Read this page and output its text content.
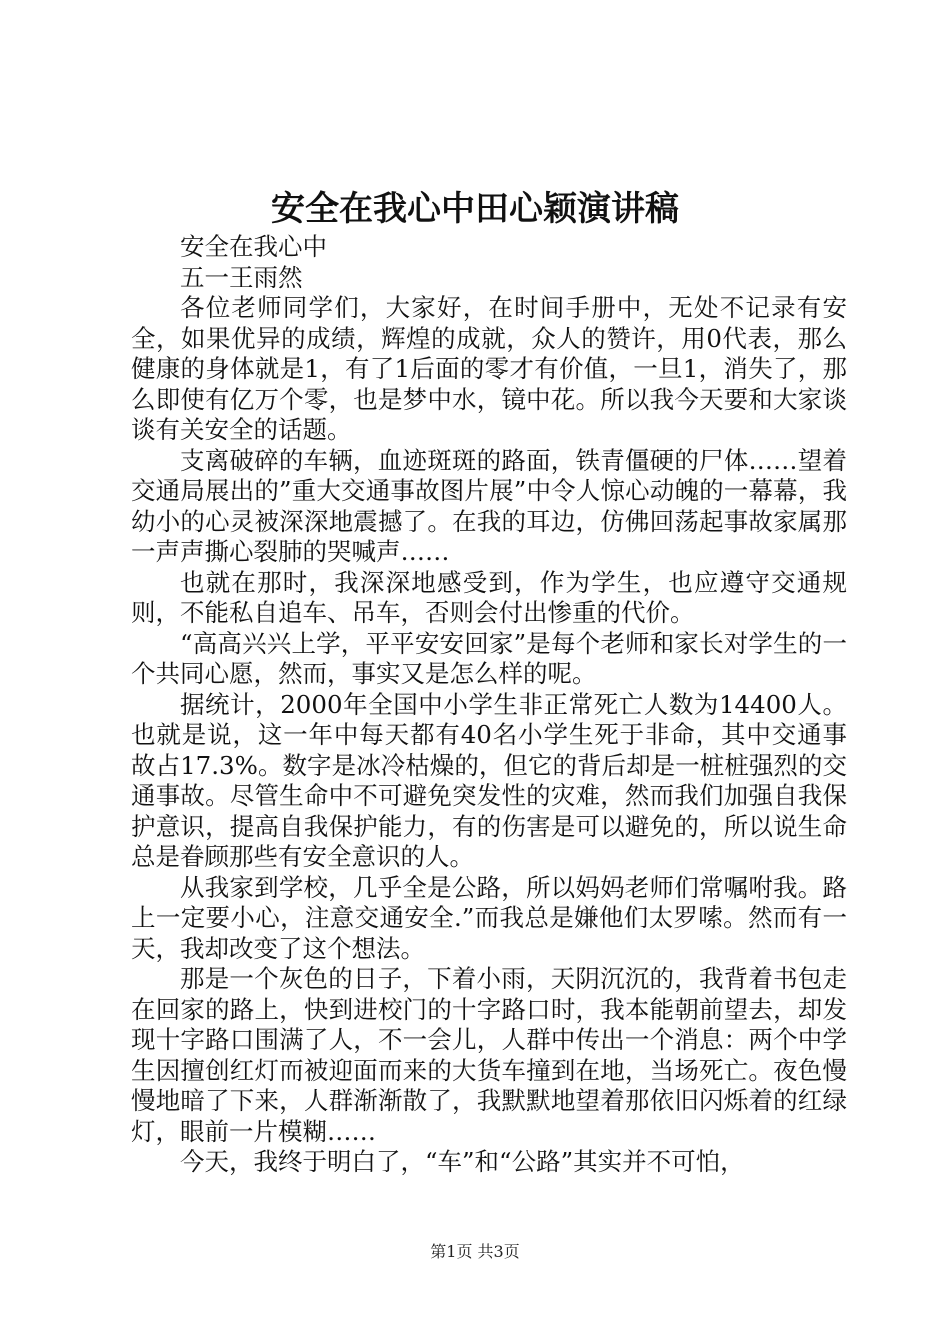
安全在我心中田心颖演讲稿

安全在我心中

五一王雨然

各位老师同学们，大家好，在时间手册中，无处不记录有安全，如果优异的成绩，辉煌的成就，众人的赞许，用0代表，那么健康的身体就是1，有了1后面的零才有价值，一旦1，消失了，那么即使有亿万个零，也是梦中水，镜中花。所以我今天要和大家谈谈有关安全的话题。

支离破碎的车辆，血迹斑斑的路面，铁青僵硬的尸体……望着交通局展出的”重大交通事故图片展”中令人惊心动魄的一幕幕，我幼小的心灵被深深地震撼了。在我的耳边，仿佛回荡起事故家属那一声声撕心裂肺的哭喊声……

也就在那时，我深深地感受到，作为学生，也应遵守交通规则，不能私自追车、吊车，否则会付出惨重的代价。

“高高兴兴上学，平平安安回家”是每个老师和家长对学生的一个共同心愿，然而，事实又是怎么样的呢。

据统计，2000年全国中小学生非正常死亡人数为14400人。也就是说，这一年中每天都有40名小学生死于非命，其中交通事故占17.3%。数字是冰冷枯燥的，但它的背后却是一桩桩强烈的交通事故。尽管生命中不可避免突发性的灾难，然而我们加强自我保护意识，提高自我保护能力，有的伤害是可以避免的，所以说生命总是眷顾那些有安全意识的人。

从我家到学校，几乎全是公路，所以妈妈老师们常嘱咐我。路上一定要小心，注意交通安全.”而我总是嫌他们太罗嗦。然而有一天，我却改变了这个想法。

那是一个灰色的日子，下着小雨，天阴沉沉的，我背着书包走在回家的路上，快到进校门的十字路口时，我本能朝前望去，却发现十字路口围满了人，不一会儿，人群中传出一个消息：两个中学生因擅创红灯而被迎面而来的大货车撞到在地，当场死亡。夜色慢慢地暗了下来，人群渐渐散了，我默默地望着那依旧闪烁着的红绿灯，眼前一片模糊……

今天，我终于明白了，“车”和“公路”其实并不可怕，

第1页 共3页
